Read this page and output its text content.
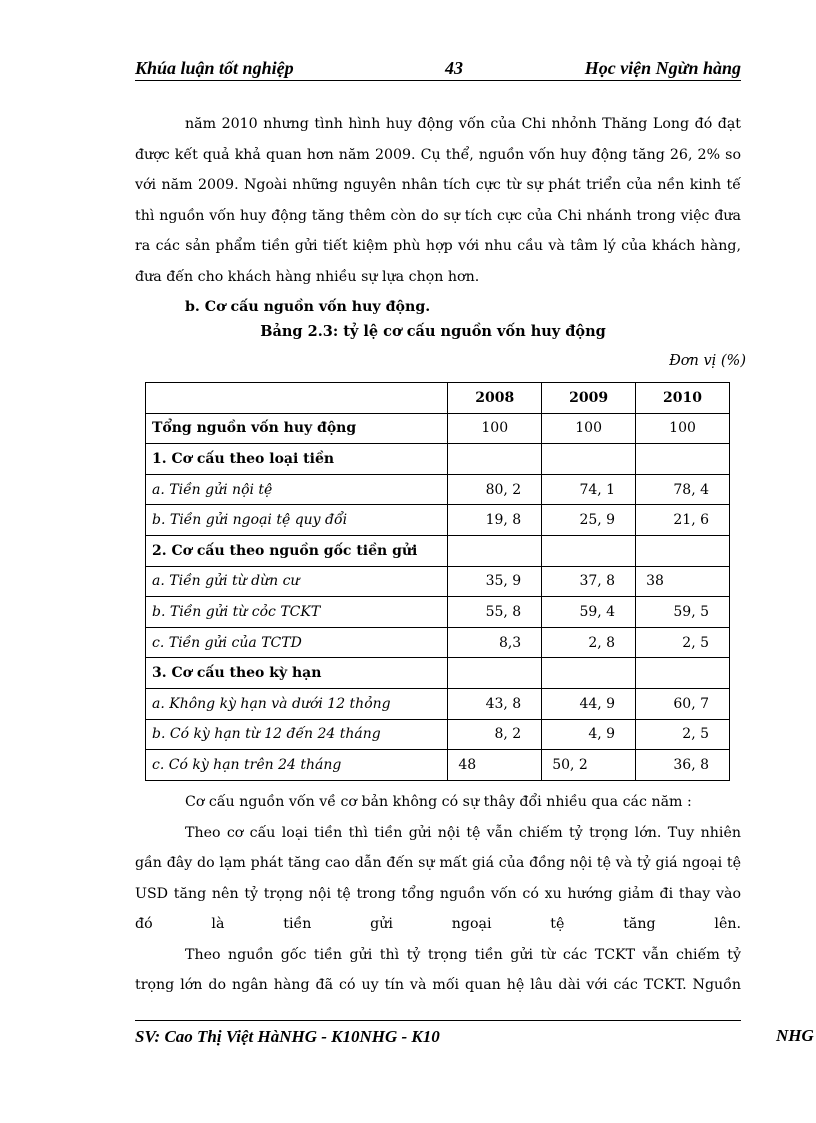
Khúa luận tốt nghiệp	43	Học viện Ngừn hàng
năm 2010 nhưng tình hình huy động vốn của Chi nhỏnh Thăng Long đó đạt
được kết quả khả quan hơn năm 2009. Cụ thể, nguồn vốn huy động tăng 26, 2% so
với năm 2009. Ngoài những nguyên nhân tích cực từ sự phát triển của nền kinh tế
thì nguồn vốn huy động tăng thêm còn do sự tích cực của Chi nhánh trong việc đưa
ra các sản phẩm tiền gửi tiết kiệm phù hợp với nhu cầu và tâm lý của khách hàng,
đưa đến cho khách hàng nhiều sự lựa chọn hơn.
b. Cơ cấu nguồn vốn huy động.
Bảng 2.3: tỷ lệ cơ cấu nguồn vốn huy động
Đơn vị (%)
	2008	2009	2010
Tổng nguồn vốn huy động	100	100	100
1. Cơ cấu theo loại tiền			
a. Tiền gửi nội tệ	80, 2	74, 1	78, 4
b. Tiền gửi ngoại tệ quy đổi	19, 8	25, 9	21, 6
2. Cơ cấu theo nguồn gốc tiền gửi			
a. Tiền gửi từ dừn cư	35, 9	37, 8	38
b. Tiền gửi từ cỏc TCKT	55, 8	59, 4	59, 5
c. Tiền gửi của TCTD	8,3	2, 8	2, 5
3. Cơ cấu theo kỳ hạn			
a. Không kỳ hạn và dưới 12 thỏng	43, 8	44, 9	60, 7
b. Có kỳ hạn từ 12 đến 24 tháng	8, 2	4, 9	2, 5
c. Có kỳ hạn trên 24 tháng	48	50, 2	36, 8
Cơ cấu nguồn vốn về cơ bản không có sự thây đổi nhiều qua các năm :
Theo cơ cấu loại tiền thì tiền gửi nội tệ vẫn chiếm tỷ trọng lớn. Tuy nhiên
gần đây do lạm phát tăng cao dẫn đến sự mất giá của đồng nội tệ và tỷ giá ngoại tệ
USD tăng nên tỷ trọng nội tệ trong tổng nguồn vốn có xu hướng giảm đi thay vào
đó là tiền gửi ngoại tệ tăng lên.
Theo nguồn gốc tiền gửi thì tỷ trọng tiền gửi từ các TCKT vẫn chiếm tỷ
trọng lớn do ngân hàng đã có uy tín và mối quan hệ lâu dài với các TCKT. Nguồn
SV: Cao Thị Việt HàNHG - K10NHG - K10	NHG
